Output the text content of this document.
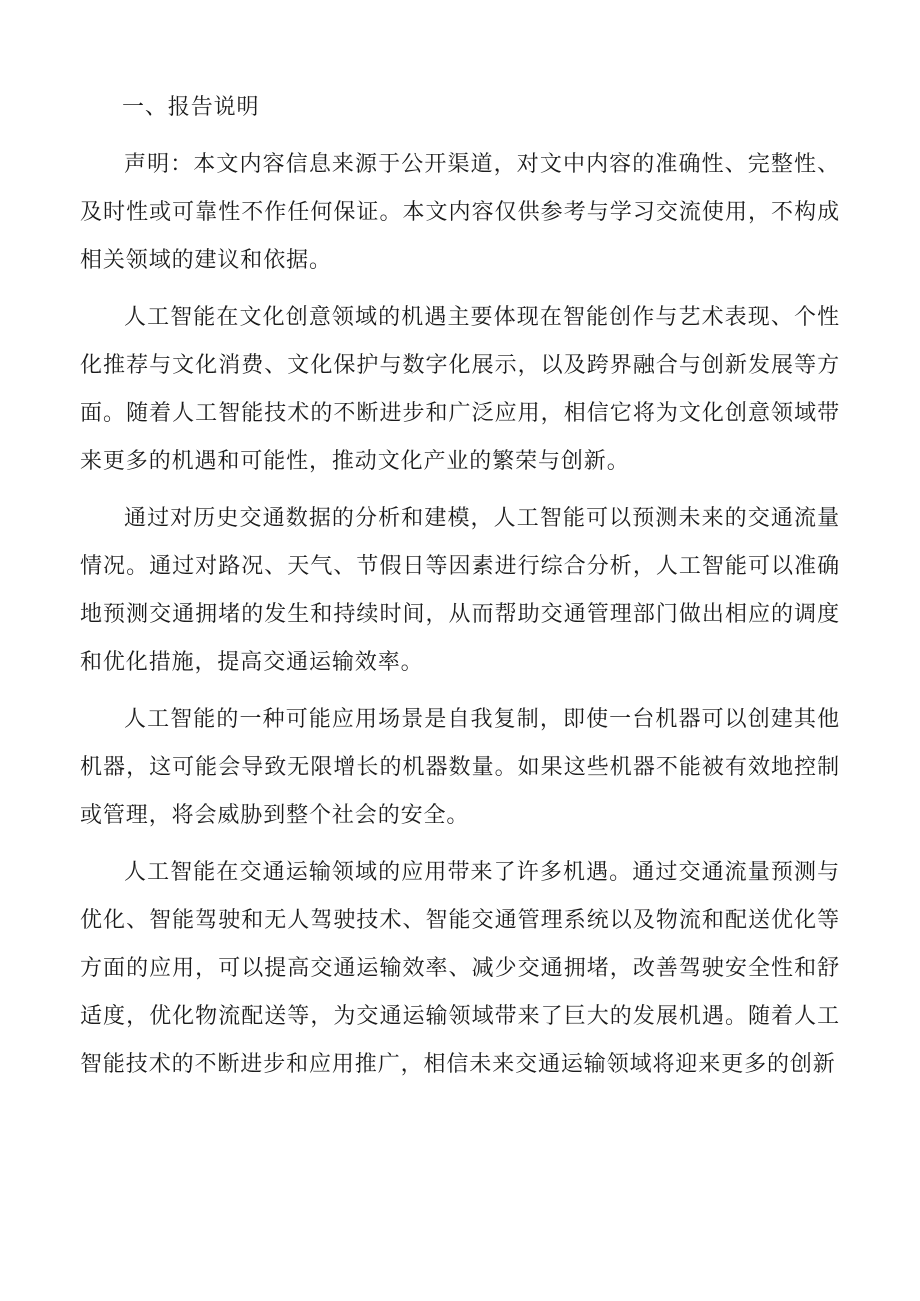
一、报告说明

声明：本文内容信息来源于公开渠道，对文中内容的准确性、完整性、及时性或可靠性不作任何保证。本文内容仅供参考与学习交流使用，不构成相关领域的建议和依据。

人工智能在文化创意领域的机遇主要体现在智能创作与艺术表现、个性化推荐与文化消费、文化保护与数字化展示，以及跨界融合与创新发展等方面。随着人工智能技术的不断进步和广泛应用，相信它将为文化创意领域带来更多的机遇和可能性，推动文化产业的繁荣与创新。

通过对历史交通数据的分析和建模，人工智能可以预测未来的交通流量情况。通过对路况、天气、节假日等因素进行综合分析，人工智能可以准确地预测交通拥堵的发生和持续时间，从而帮助交通管理部门做出相应的调度和优化措施，提高交通运输效率。

人工智能的一种可能应用场景是自我复制，即使一台机器可以创建其他机器，这可能会导致无限增长的机器数量。如果这些机器不能被有效地控制或管理，将会威胁到整个社会的安全。

人工智能在交通运输领域的应用带来了许多机遇。通过交通流量预测与优化、智能驾驶和无人驾驶技术、智能交通管理系统以及物流和配送优化等方面的应用，可以提高交通运输效率、减少交通拥堵，改善驾驶安全性和舒适度，优化物流配送等，为交通运输领域带来了巨大的发展机遇。随着人工智能技术的不断进步和应用推广，相信未来交通运输领域将迎来更多的创新
